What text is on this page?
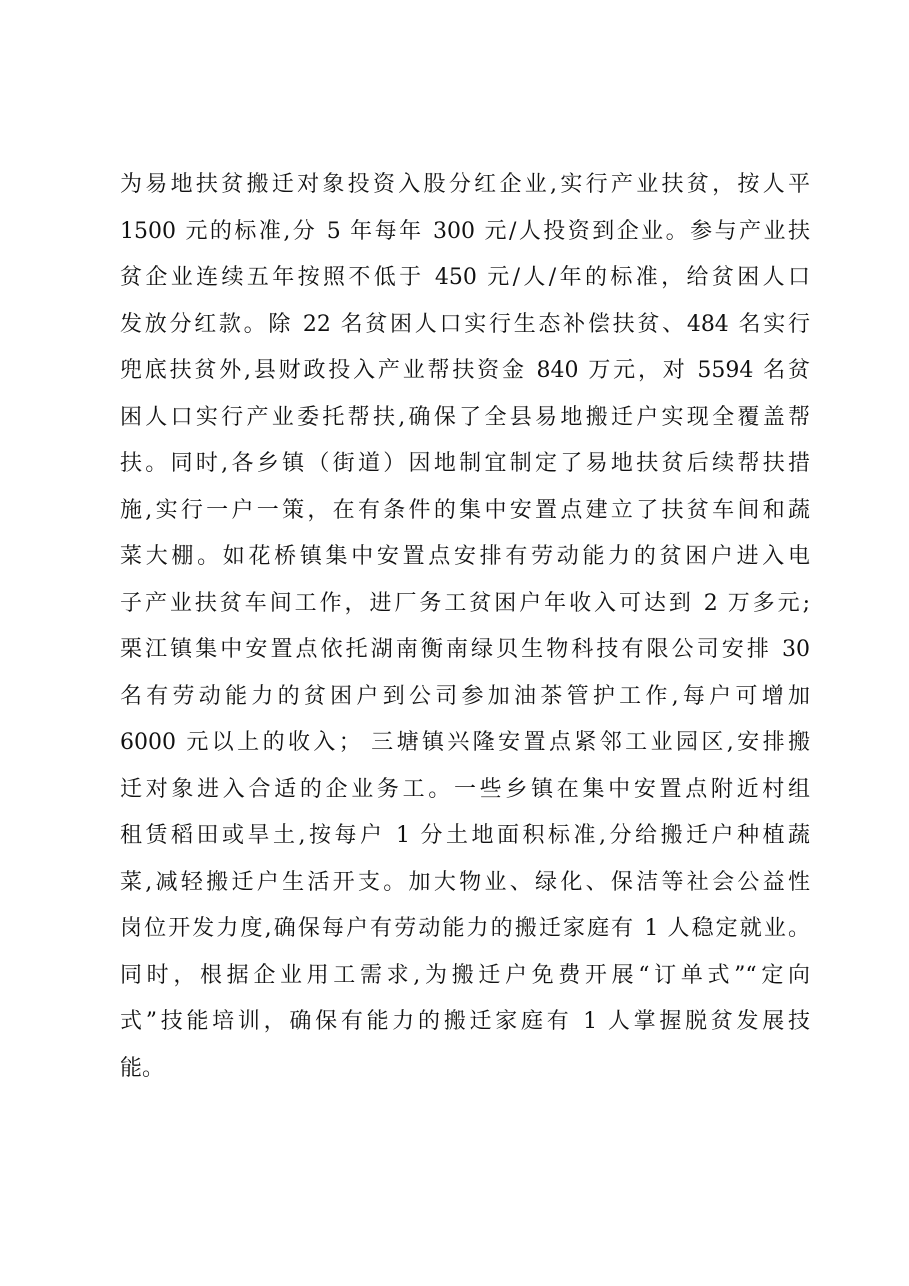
为易地扶贫搬迁对象投资入股分红企业,实行产业扶贫，按人平
1500 元的标准,分 5 年每年 300 元/人投资到企业。参与产业扶
贫企业连续五年按照不低于 450 元/人/年的标准，给贫困人口
发放分红款。除 22 名贫困人口实行生态补偿扶贫、484 名实行
兜底扶贫外,县财政投入产业帮扶资金 840 万元，对 5594 名贫
困人口实行产业委托帮扶,确保了全县易地搬迁户实现全覆盖帮
扶。同时,各乡镇（街道）因地制宜制定了易地扶贫后续帮扶措
施,实行一户一策，在有条件的集中安置点建立了扶贫车间和蔬
菜大棚。如花桥镇集中安置点安排有劳动能力的贫困户进入电
子产业扶贫车间工作，进厂务工贫困户年收入可达到 2 万多元;
栗江镇集中安置点依托湖南衡南绿贝生物科技有限公司安排 30
名有劳动能力的贫困户到公司参加油茶管护工作,每户可增加
6000 元以上的收入； 三塘镇兴隆安置点紧邻工业园区,安排搬
迁对象进入合适的企业务工。一些乡镇在集中安置点附近村组
租赁稻田或旱土,按每户 1 分土地面积标准,分给搬迁户种植蔬
菜,减轻搬迁户生活开支。加大物业、绿化、保洁等社会公益性
岗位开发力度,确保每户有劳动能力的搬迁家庭有 1 人稳定就业。
同时，根据企业用工需求,为搬迁户免费开展“订单式”“定向
式”技能培训，确保有能力的搬迁家庭有 1 人掌握脱贫发展技
能。
